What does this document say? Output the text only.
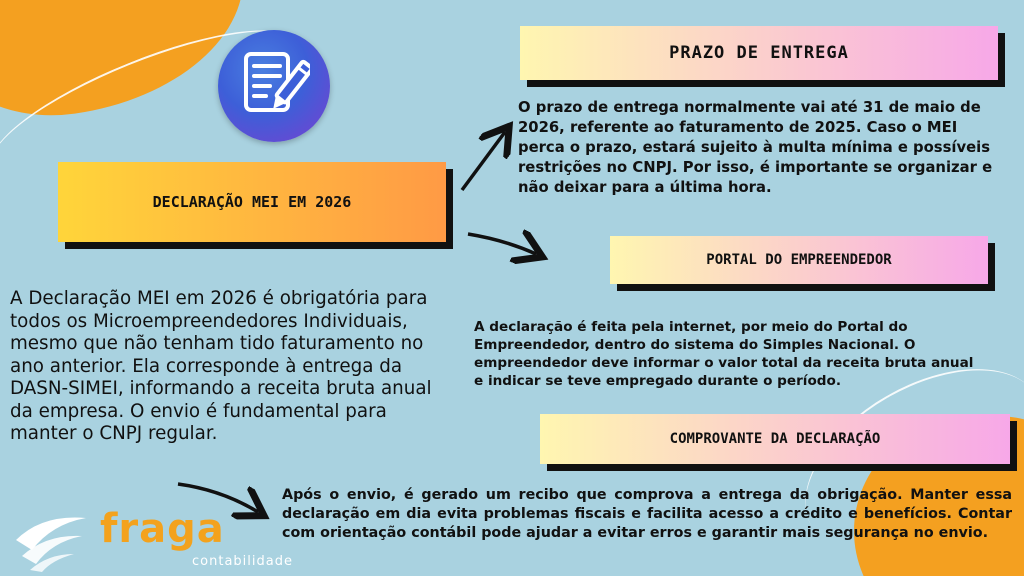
DECLARAÇÃO MEI EM 2026
PRAZO DE ENTREGA
PORTAL DO EMPREENDEDOR
COMPROVANTE DA DECLARAÇÃO

A Declaração MEI em 2026 é obrigatória para todos os Microempreendedores Individuais, mesmo que não tenham tido faturamento no ano anterior. Ela corresponde à entrega da DASN-SIMEI, informando a receita bruta anual da empresa. O envio é fundamental para manter o CNPJ regular.

O prazo de entrega normalmente vai até 31 de maio de 2026, referente ao faturamento de 2025. Caso o MEI perca o prazo, estará sujeito à multa mínima e possíveis restrições no CNPJ. Por isso, é importante se organizar e não deixar para a última hora.

A declaração é feita pela internet, por meio do Portal do Empreendedor, dentro do sistema do Simples Nacional. O empreendedor deve informar o valor total da receita bruta anual e indicar se teve empregado durante o período.

Após o envio, é gerado um recibo que comprova a entrega da obrigação. Manter essa declaração em dia evita problemas fiscais e facilita acesso a crédito e benefícios. Contar com orientação contábil pode ajudar a evitar erros e garantir mais segurança no envio.

fraga
contabilidade
